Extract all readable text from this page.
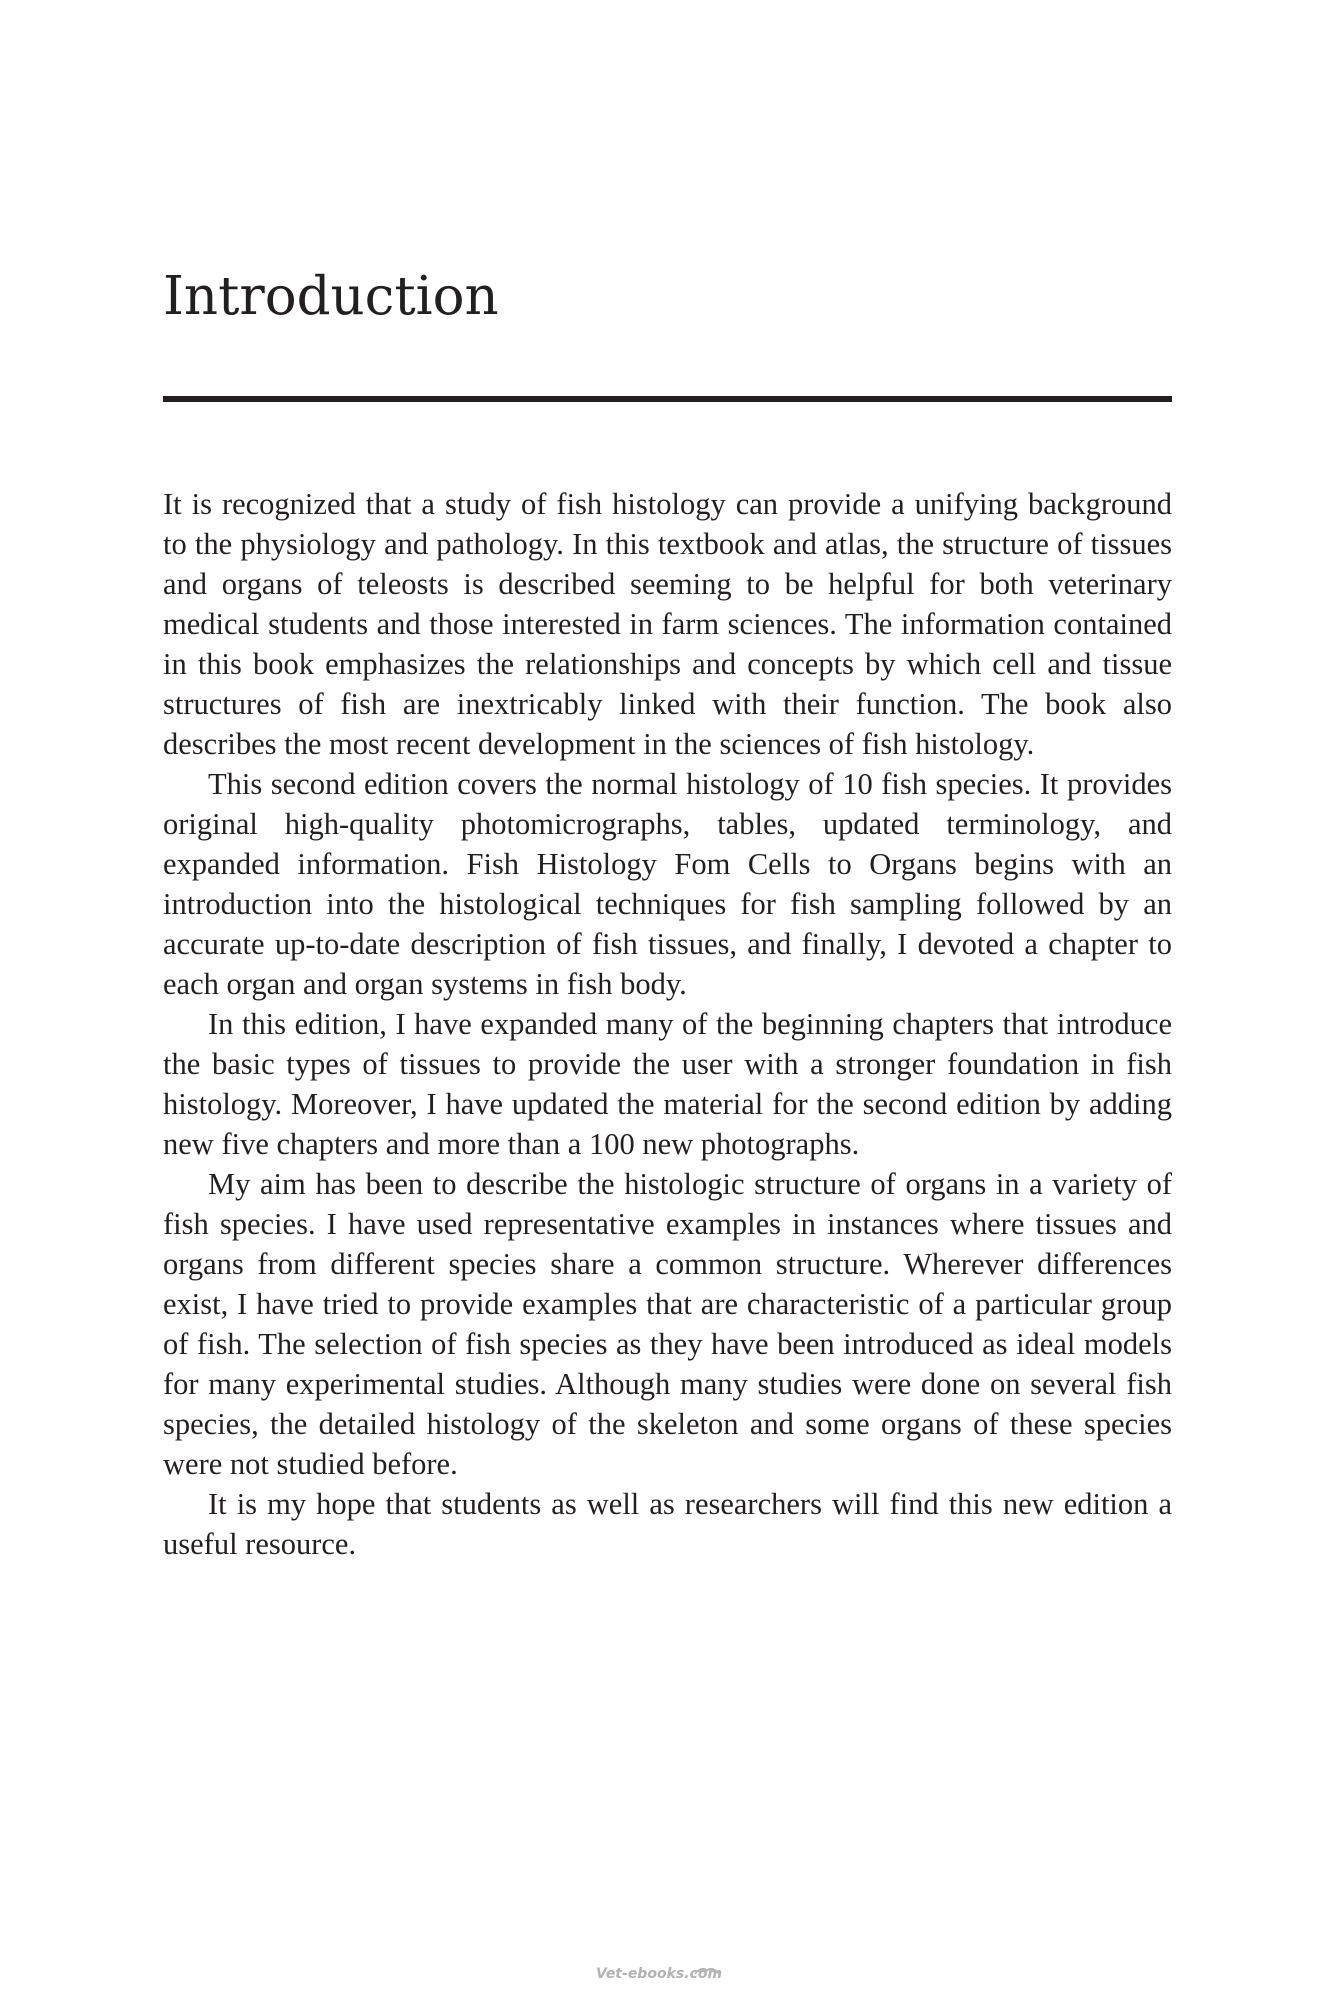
Introduction

It is recognized that a study of fish histology can provide a unifying background to the physiology and pathology. In this textbook and atlas, the structure of tissues and organs of teleosts is described seeming to be helpful for both veterinary medical students and those interested in farm sciences. The information contained in this book emphasizes the relationships and concepts by which cell and tissue structures of fish are inextricably linked with their function. The book also describes the most recent development in the sciences of fish histology.

This second edition covers the normal histology of 10 fish species. It provides original high-quality photomicrographs, tables, updated terminology, and expanded information. Fish Histology Fom Cells to Organs begins with an introduction into the histological techniques for fish sampling followed by an accurate up-to-date description of fish tissues, and finally, I devoted a chapter to each organ and organ systems in fish body.

In this edition, I have expanded many of the beginning chapters that introduce the basic types of tissues to provide the user with a stronger foundation in fish histology. Moreover, I have updated the material for the second edition by adding new five chapters and more than a 100 new photographs.

My aim has been to describe the histologic structure of organs in a variety of fish species. I have used representative examples in instances where tissues and organs from different species share a common structure. Wherever differences exist, I have tried to provide examples that are characteristic of a particular group of fish. The selection of fish species as they have been introduced as ideal models for many experimental studies. Although many studies were done on several fish species, the detailed histology of the skeleton and some organs of these species were not studied before.

It is my hope that students as well as researchers will find this new edition a useful resource.

Vet-ebooks.com
